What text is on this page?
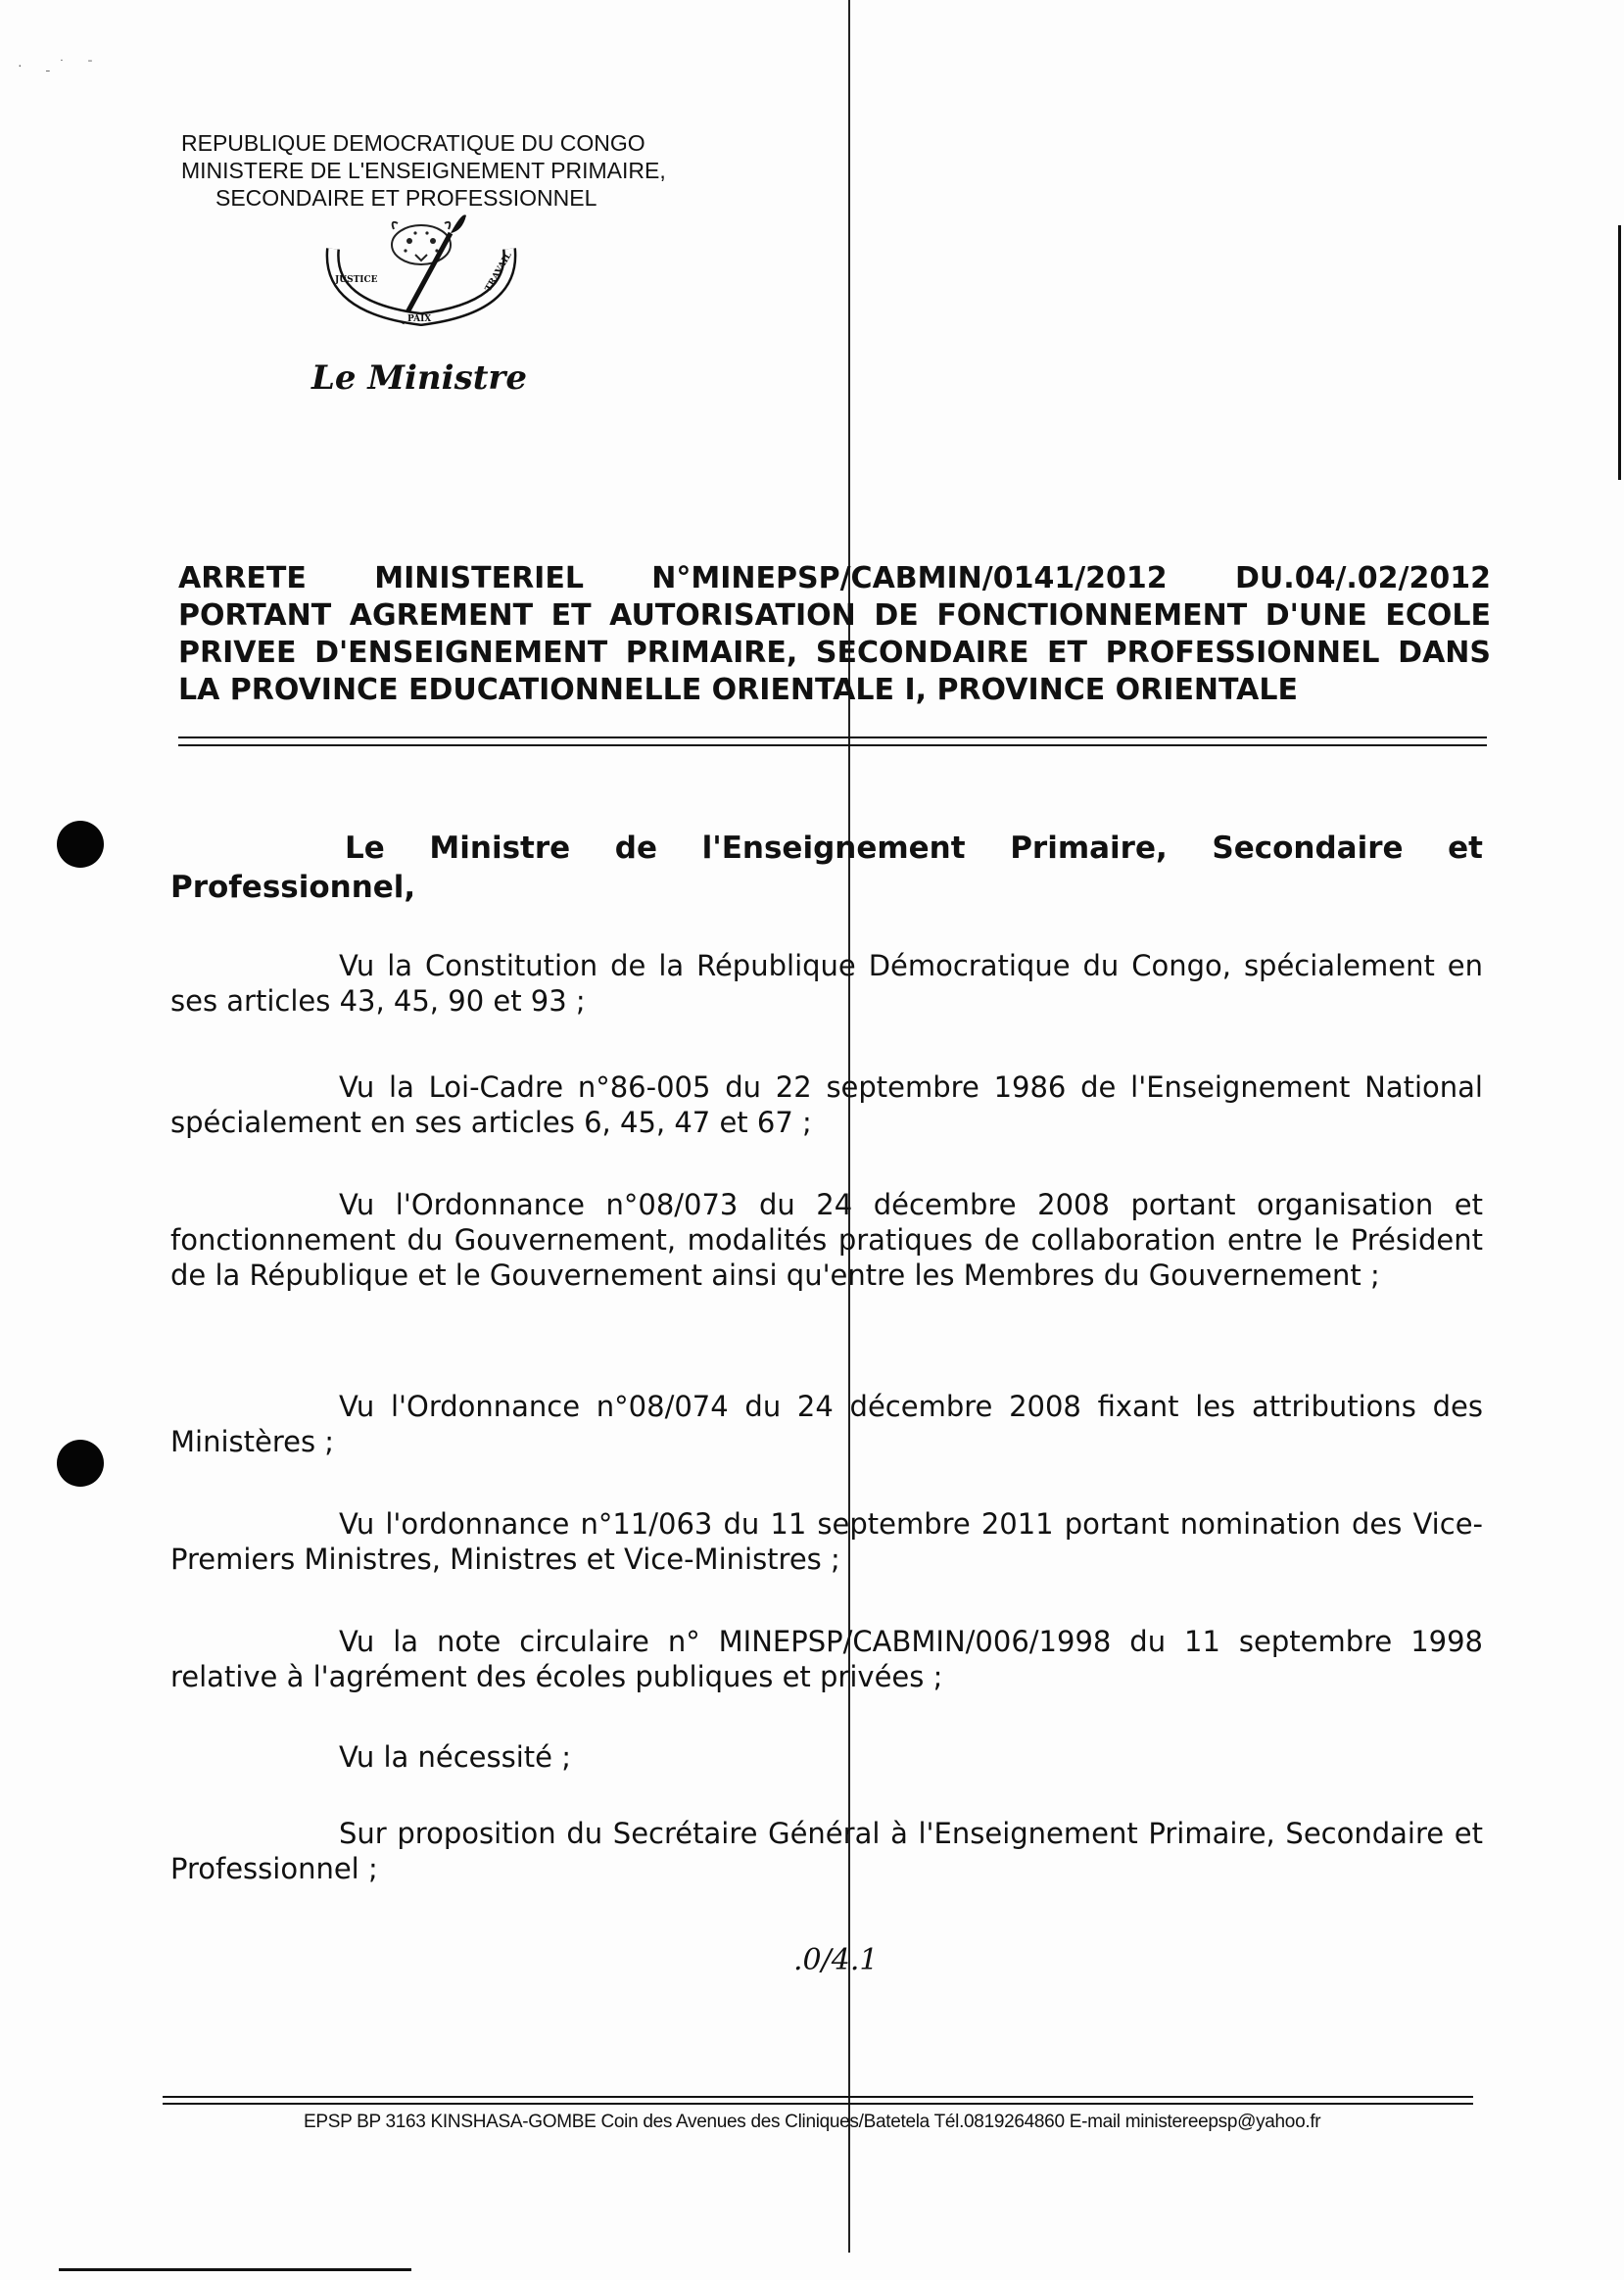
· ˍ˙ ˉ
REPUBLIQUE DEMOCRATIQUE DU CONGO
MINISTERE DE L'ENSEIGNEMENT PRIMAIRE,
SECONDAIRE ET PROFESSIONNEL
JUSTICE
PAIX
TRAVAIL
Le Ministre
ARRETE MINISTERIEL N°MINEPSP/CABMIN/0141/2012 DU.04/.02/2012
PORTANT AGREMENT ET AUTORISATION DE FONCTIONNEMENT D'UNE ECOLE
PRIVEE D'ENSEIGNEMENT PRIMAIRE, SECONDAIRE ET PROFESSIONNEL DANS
LA PROVINCE EDUCATIONNELLE ORIENTALE I, PROVINCE ORIENTALE
Le Ministre de l'Enseignement Primaire, Secondaire et Professionnel,
Vu la Constitution de la République Démocratique du Congo, spécialement en ses articles 43, 45, 90 et 93 ;
Vu la Loi-Cadre n°86-005 du 22 septembre 1986 de l'Enseignement National spécialement en ses articles 6, 45, 47 et 67 ;
Vu l'Ordonnance n°08/073 du 24 décembre 2008 portant organisation et fonctionnement du Gouvernement, modalités pratiques de collaboration entre le Président de la République et le Gouvernement ainsi qu'entre les Membres du Gouvernement ;
Vu l'Ordonnance n°08/074 du 24 décembre 2008 fixant les attributions des Ministères ;
Vu l'ordonnance n°11/063 du 11 septembre 2011 portant nomination des Vice-Premiers Ministres, Ministres et Vice-Ministres ;
Vu la note circulaire n° MINEPSP/CABMIN/006/1998 du 11 septembre 1998 relative à l'agrément des écoles publiques et privées ;
Vu la nécessité ;
Sur proposition du Secrétaire Général à l'Enseignement Primaire, Secondaire et Professionnel ;
.0/4.1
EPSP BP 3163 KINSHASA-GOMBE Coin des Avenues des Cliniques/Batetela Tél.0819264860 E-mail ministereepsp@yahoo.fr
